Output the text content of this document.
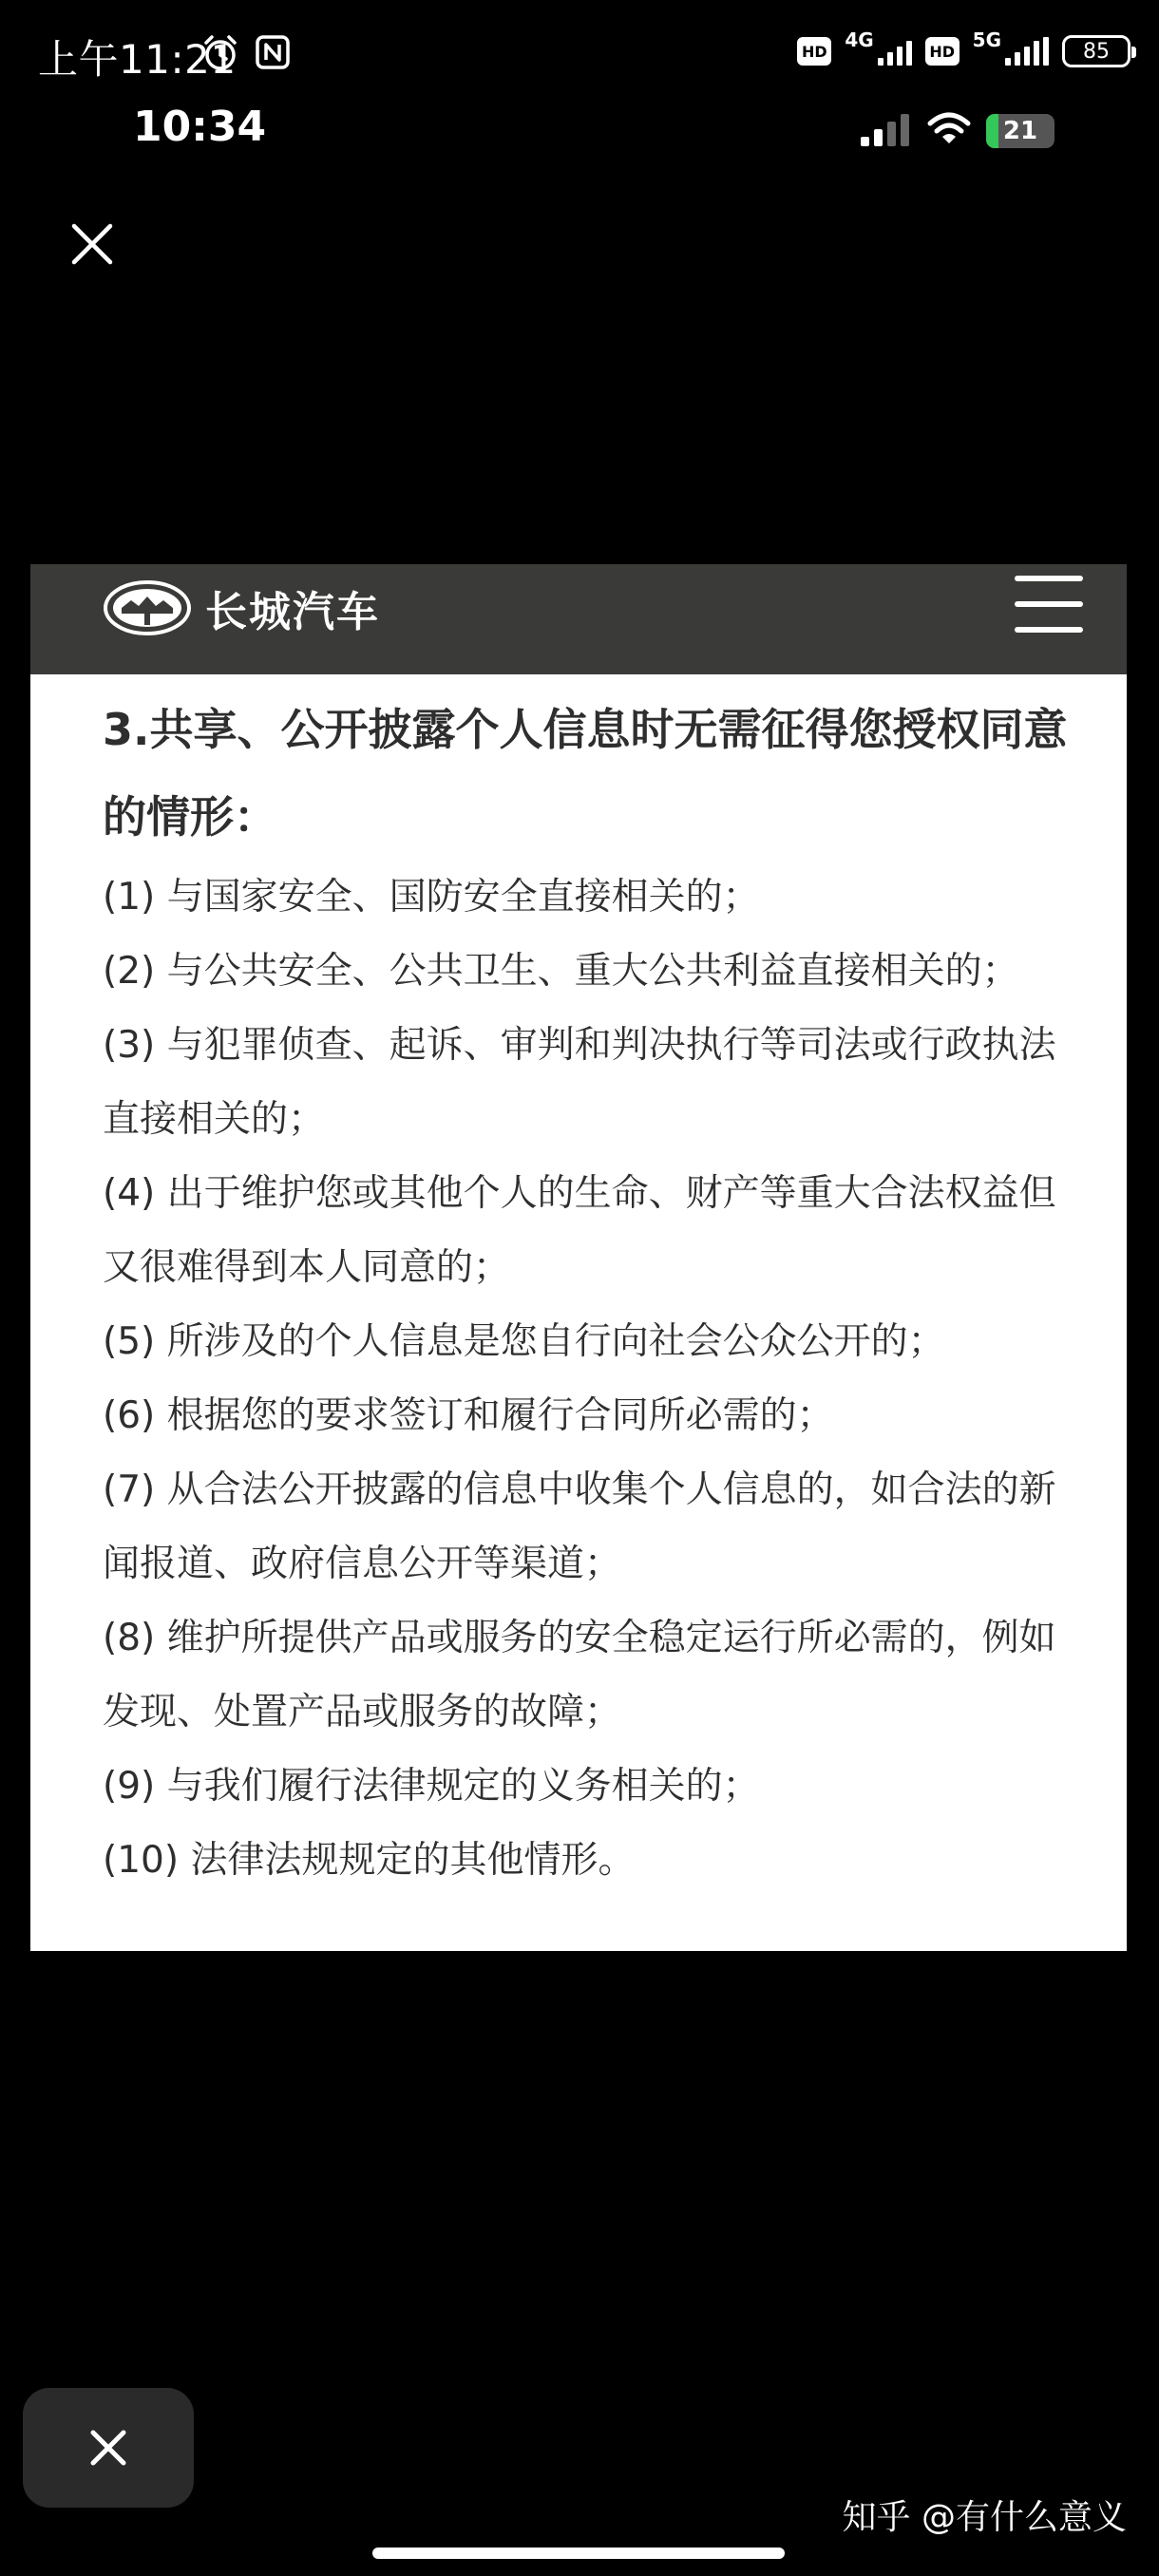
上午11:21	HD 4G	HD 5G	85
10:34	21
长城汽车

3.共享、公开披露个人信息时无需征得您授权同意的情形：

(1) 与国家安全、国防安全直接相关的；
(2) 与公共安全、公共卫生、重大公共利益直接相关的；
(3) 与犯罪侦查、起诉、审判和判决执行等司法或行政执法直接相关的；
(4) 出于维护您或其他个人的生命、财产等重大合法权益但又很难得到本人同意的；
(5) 所涉及的个人信息是您自行向社会公众公开的；
(6) 根据您的要求签订和履行合同所必需的；
(7) 从合法公开披露的信息中收集个人信息的，如合法的新闻报道、政府信息公开等渠道；
(8) 维护所提供产品或服务的安全稳定运行所必需的，例如发现、处置产品或服务的故障；
(9) 与我们履行法律规定的义务相关的；
(10) 法律法规规定的其他情形。
知乎 @有什么意义
